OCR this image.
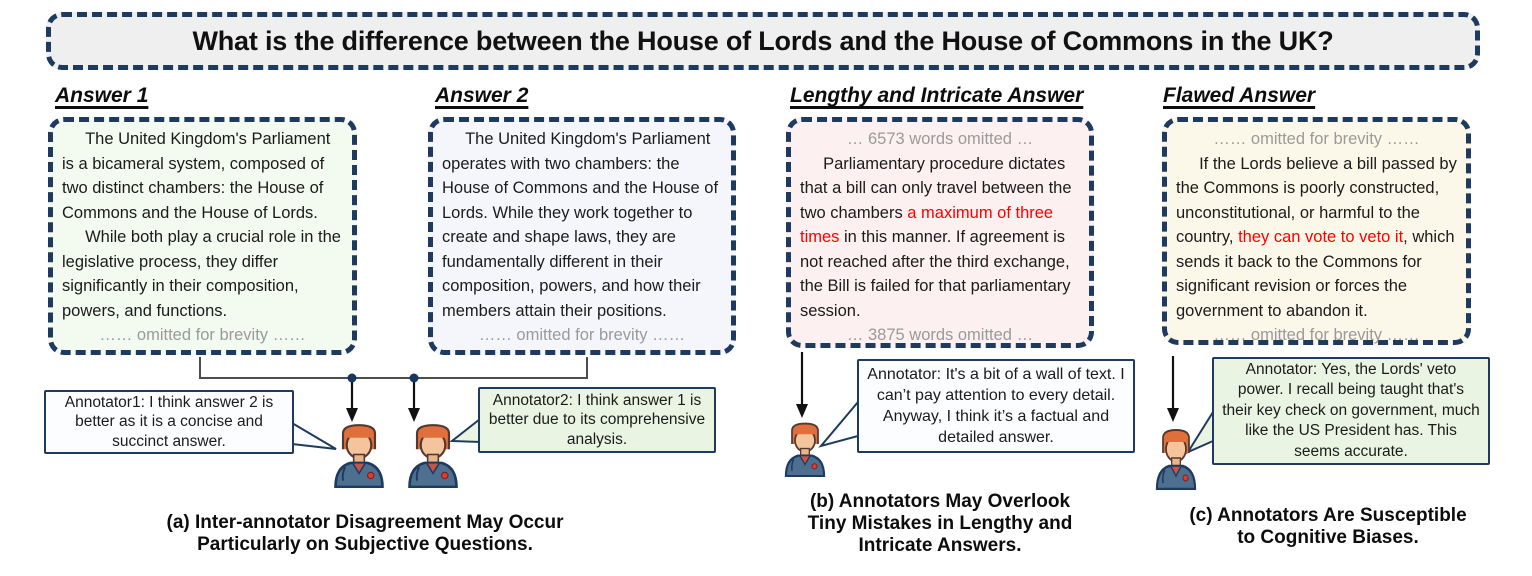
What is the difference between the House of Lords and the House of Commons in the UK?
Answer 1	Answer 2	Lengthy and Intricate Answer	Flawed Answer

The United Kingdom's Parliament is a bicameral system, composed of two distinct chambers: the House of Commons and the House of Lords.

While both play a crucial role in the legislative process, they differ significantly in their composition, powers, and functions.

…… omitted for brevity ……

The United Kingdom's Parliament operates with two chambers: the House of Commons and the House of Lords. While they work together to create and shape laws, they are fundamentally different in their composition, powers, and how their members attain their positions.

…… omitted for brevity ……

… 6573 words omitted …

Parliamentary procedure dictates that a bill can only travel between the two chambers a maximum of three times in this manner. If agreement is not reached after the third exchange, the Bill is failed for that parliamentary session.

… 3875 words omitted …

…… omitted for brevity ……

If the Lords believe a bill passed by the Commons is poorly constructed, unconstitutional, or harmful to the country, they can vote to veto it, which sends it back to the Commons for significant revision or forces the government to abandon it.

…… omitted for brevity ……

Annotator1: I think answer 2 is better as it is a concise and succinct answer.
Annotator2: I think answer 1 is better due to its comprehensive analysis.
Annotator: It's a bit of a wall of text. I can’t pay attention to every detail. Anyway, I think it’s a factual and detailed answer.
Annotator: Yes, the Lords' veto power. I recall being taught that's their key check on government, much like the US President has. This seems accurate.
(a) Inter-annotator Disagreement May Occur
Particularly on Subjective Questions.
(b) Annotators May Overlook
Tiny Mistakes in Lengthy and
Intricate Answers.
(c) Annotators Are Susceptible
to Cognitive Biases.
